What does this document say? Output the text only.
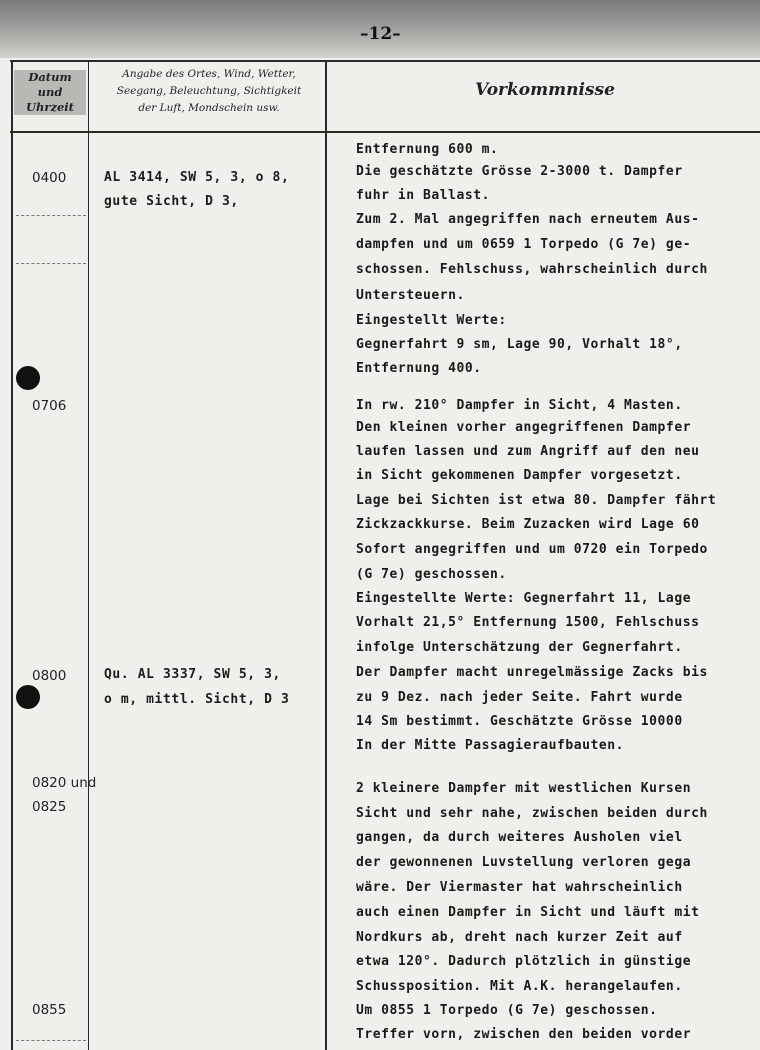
–12–
Datum
und
Uhrzeit
Angabe des Ortes, Wind, Wetter,
Seegang, Beleuchtung, Sichtigkeit
der Luft, Mondschein usw.
Vorkommnisse
0400
0706
0800
0820 und
0825
0855
AL 3414, SW 5, 3, o 8,
gute Sicht, D 3,
Qu. AL 3337, SW 5, 3,
o m, mittl. Sicht, D 3
Entfernung 600 m.
Die geschätzte Grösse 2-3000 t. Dampfer
fuhr in Ballast.
Zum 2. Mal angegriffen nach erneutem Aus-
dampfen und um 0659 1 Torpedo (G 7e) ge-
schossen. Fehlschuss, wahrscheinlich durch
Untersteuern.
Eingestellt Werte:
Gegnerfahrt 9 sm, Lage 90, Vorhalt 18°,
Entfernung 400.
In rw. 210° Dampfer in Sicht, 4 Masten.
Den kleinen vorher angegriffenen Dampfer
laufen lassen und zum Angriff auf den neu
in Sicht gekommenen Dampfer vorgesetzt.
Lage bei Sichten ist etwa 80. Dampfer fährt
Zickzackkurse. Beim Zuzacken wird Lage 60
Sofort angegriffen und um 0720 ein Torpedo
(G 7e) geschossen.
Eingestellte Werte: Gegnerfahrt 11, Lage
Vorhalt 21,5° Entfernung 1500, Fehlschuss
infolge Unterschätzung der Gegnerfahrt.
Der Dampfer macht unregelmässige Zacks bis
zu 9 Dez. nach jeder Seite. Fahrt wurde
14 Sm bestimmt. Geschätzte Grösse 10000
In der Mitte Passagieraufbauten.
2 kleinere Dampfer mit westlichen Kursen
Sicht und sehr nahe, zwischen beiden durch
gangen, da durch weiteres Ausholen viel
der gewonnenen Luvstellung verloren gega
wäre. Der Viermaster hat wahrscheinlich
auch einen Dampfer in Sicht und läuft mit
Nordkurs ab, dreht nach kurzer Zeit auf
etwa 120°. Dadurch plötzlich in günstige
Schussposition. Mit A.K. herangelaufen.
Um 0855 1 Torpedo (G 7e) geschossen.
Treffer vorn, zwischen den beiden vorder
